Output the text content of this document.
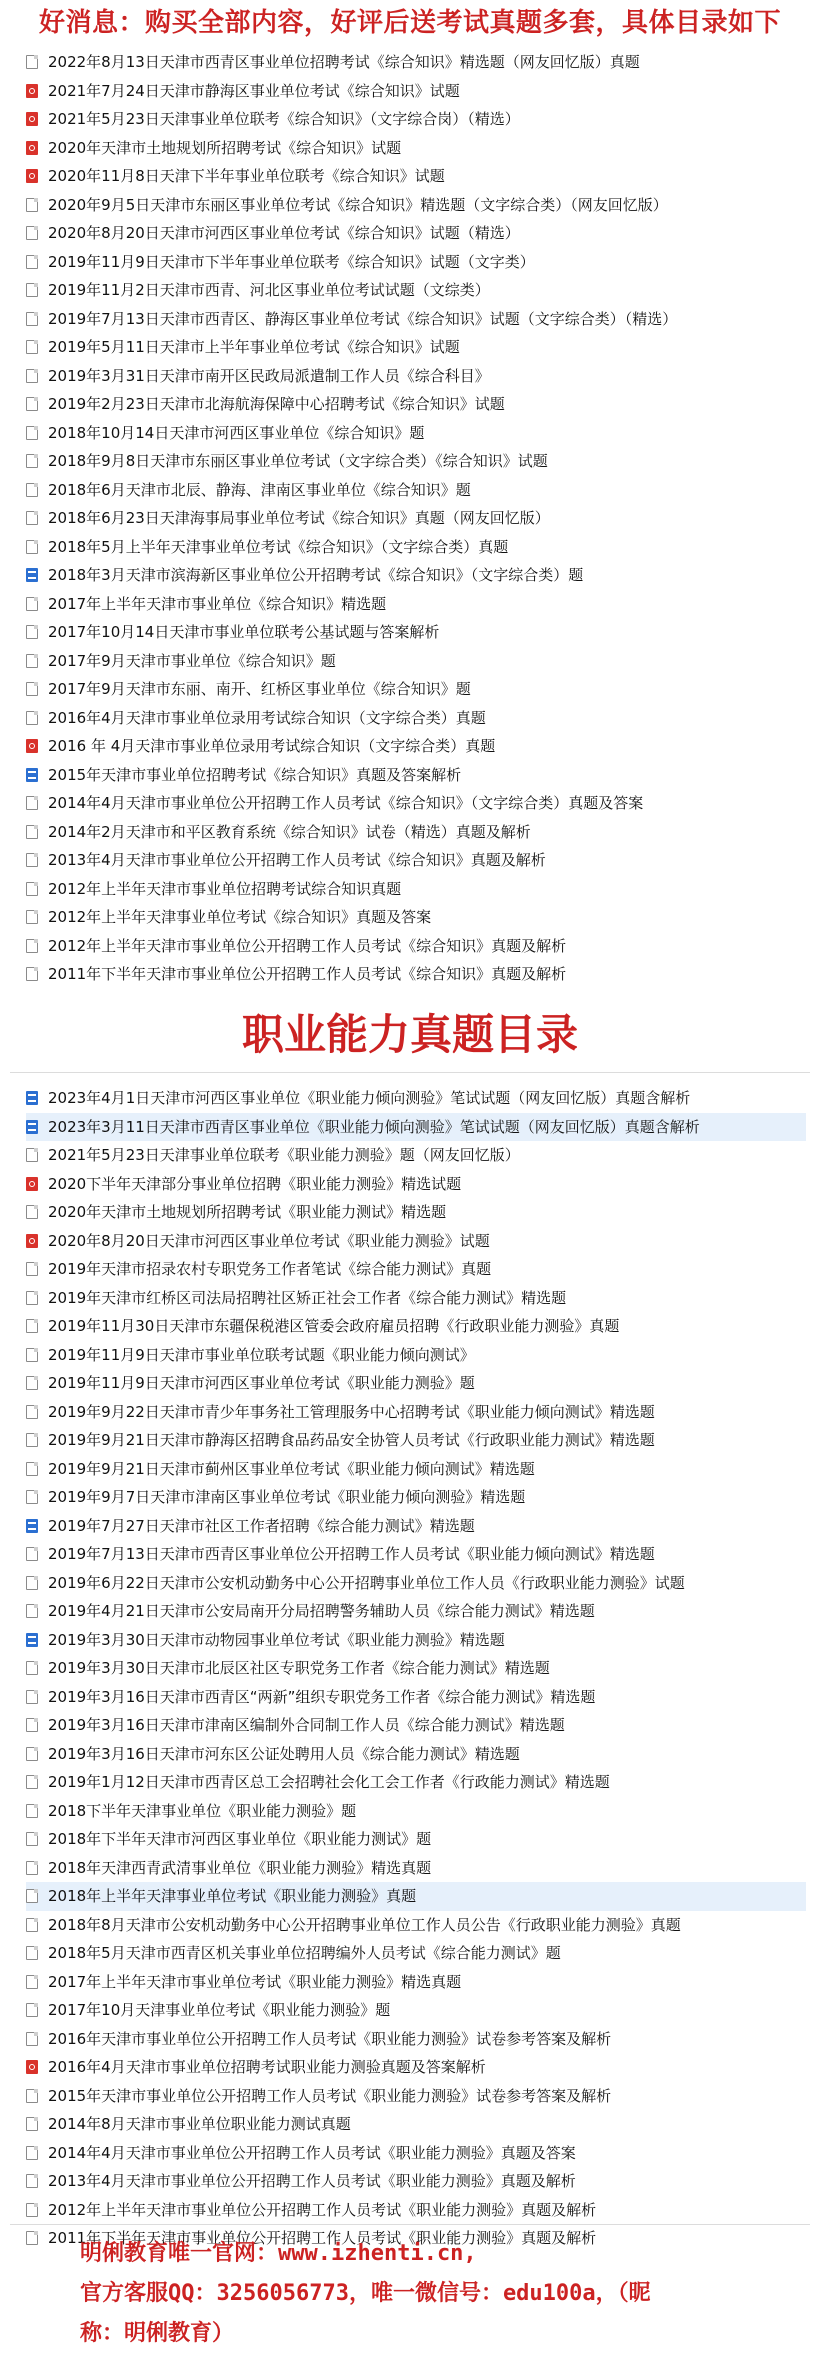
好消息：购买全部内容，好评后送考试真题多套，具体目录如下
2022年8月13日天津市西青区事业单位招聘考试《综合知识》精选题（网友回忆版）真题
2021年7月24日天津市静海区事业单位考试《综合知识》试题
2021年5月23日天津事业单位联考《综合知识》（文字综合岗）（精选）
2020年天津市土地规划所招聘考试《综合知识》试题
2020年11月8日天津下半年事业单位联考《综合知识》试题
2020年9月5日天津市东丽区事业单位考试《综合知识》精选题（文字综合类）（网友回忆版）
2020年8月20日天津市河西区事业单位考试《综合知识》试题（精选）
2019年11月9日天津市下半年事业单位联考《综合知识》试题（文字类）
2019年11月2日天津市西青、河北区事业单位考试试题（文综类）
2019年7月13日天津市西青区、静海区事业单位考试《综合知识》试题（文字综合类）（精选）
2019年5月11日天津市上半年事业单位考试《综合知识》试题
2019年3月31日天津市南开区民政局派遣制工作人员《综合科目》
2019年2月23日天津市北海航海保障中心招聘考试《综合知识》试题
2018年10月14日天津市河西区事业单位《综合知识》题
2018年9月8日天津市东丽区事业单位考试（文字综合类）《综合知识》试题
2018年6月天津市北辰、静海、津南区事业单位《综合知识》题
2018年6月23日天津海事局事业单位考试《综合知识》真题（网友回忆版）
2018年5月上半年天津事业单位考试《综合知识》（文字综合类）真题
2018年3月天津市滨海新区事业单位公开招聘考试《综合知识》（文字综合类）题
2017年上半年天津市事业单位《综合知识》精选题
2017年10月14日天津市事业单位联考公基试题与答案解析
2017年9月天津市事业单位《综合知识》题
2017年9月天津市东丽、南开、红桥区事业单位《综合知识》题
2016年4月天津市事业单位录用考试综合知识（文字综合类）真题
2016 年 4月天津市事业单位录用考试综合知识（文字综合类）真题
2015年天津市事业单位招聘考试《综合知识》真题及答案解析
2014年4月天津市事业单位公开招聘工作人员考试《综合知识》（文字综合类）真题及答案
2014年2月天津市和平区教育系统《综合知识》试卷（精选）真题及解析
2013年4月天津市事业单位公开招聘工作人员考试《综合知识》真题及解析
2012年上半年天津市事业单位招聘考试综合知识真题
2012年上半年天津事业单位考试《综合知识》真题及答案
2012年上半年天津市事业单位公开招聘工作人员考试《综合知识》真题及解析
2011年下半年天津市事业单位公开招聘工作人员考试《综合知识》真题及解析
职业能力真题目录
2023年4月1日天津市河西区事业单位《职业能力倾向测验》笔试试题（网友回忆版）真题含解析
2023年3月11日天津市西青区事业单位《职业能力倾向测验》笔试试题（网友回忆版）真题含解析
2021年5月23日天津事业单位联考《职业能力测验》题（网友回忆版）
2020下半年天津部分事业单位招聘《职业能力测验》精选试题
2020年天津市土地规划所招聘考试《职业能力测试》精选题
2020年8月20日天津市河西区事业单位考试《职业能力测验》试题
2019年天津市招录农村专职党务工作者笔试《综合能力测试》真题
2019年天津市红桥区司法局招聘社区矫正社会工作者《综合能力测试》精选题
2019年11月30日天津市东疆保税港区管委会政府雇员招聘《行政职业能力测验》真题
2019年11月9日天津市事业单位联考试题《职业能力倾向测试》
2019年11月9日天津市河西区事业单位考试《职业能力测验》题
2019年9月22日天津市青少年事务社工管理服务中心招聘考试《职业能力倾向测试》精选题
2019年9月21日天津市静海区招聘食品药品安全协管人员考试《行政职业能力测试》精选题
2019年9月21日天津市蓟州区事业单位考试《职业能力倾向测试》精选题
2019年9月7日天津市津南区事业单位考试《职业能力倾向测验》精选题
2019年7月27日天津市社区工作者招聘《综合能力测试》精选题
2019年7月13日天津市西青区事业单位公开招聘工作人员考试《职业能力倾向测试》精选题
2019年6月22日天津市公安机动勤务中心公开招聘事业单位工作人员《行政职业能力测验》试题
2019年4月21日天津市公安局南开分局招聘警务辅助人员《综合能力测试》精选题
2019年3月30日天津市动物园事业单位考试《职业能力测验》精选题
2019年3月30日天津市北辰区社区专职党务工作者《综合能力测试》精选题
2019年3月16日天津市西青区“两新”组织专职党务工作者《综合能力测试》精选题
2019年3月16日天津市津南区编制外合同制工作人员《综合能力测试》精选题
2019年3月16日天津市河东区公证处聘用人员《综合能力测试》精选题
2019年1月12日天津市西青区总工会招聘社会化工会工作者《行政能力测试》精选题
2018下半年天津事业单位《职业能力测验》题
2018年下半年天津市河西区事业单位《职业能力测试》题
2018年天津西青武清事业单位《职业能力测验》精选真题
2018年上半年天津事业单位考试《职业能力测验》真题
2018年8月天津市公安机动勤务中心公开招聘事业单位工作人员公告《行政职业能力测验》真题
2018年5月天津市西青区机关事业单位招聘编外人员考试《综合能力测试》题
2017年上半年天津市事业单位考试《职业能力测验》精选真题
2017年10月天津事业单位考试《职业能力测验》题
2016年天津市事业单位公开招聘工作人员考试《职业能力测验》试卷参考答案及解析
2016年4月天津市事业单位招聘考试职业能力测验真题及答案解析
2015年天津市事业单位公开招聘工作人员考试《职业能力测验》试卷参考答案及解析
2014年8月天津市事业单位职业能力测试真题
2014年4月天津市事业单位公开招聘工作人员考试《职业能力测验》真题及答案
2013年4月天津市事业单位公开招聘工作人员考试《职业能力测验》真题及解析
2012年上半年天津市事业单位公开招聘工作人员考试《职业能力测验》真题及解析
2011年下半年天津市事业单位公开招聘工作人员考试《职业能力测验》真题及解析
明俐教育唯一官网：www.izhenti.cn,
官方客服QQ：3256056773，唯一微信号：edu100a，（昵
称：明俐教育）
